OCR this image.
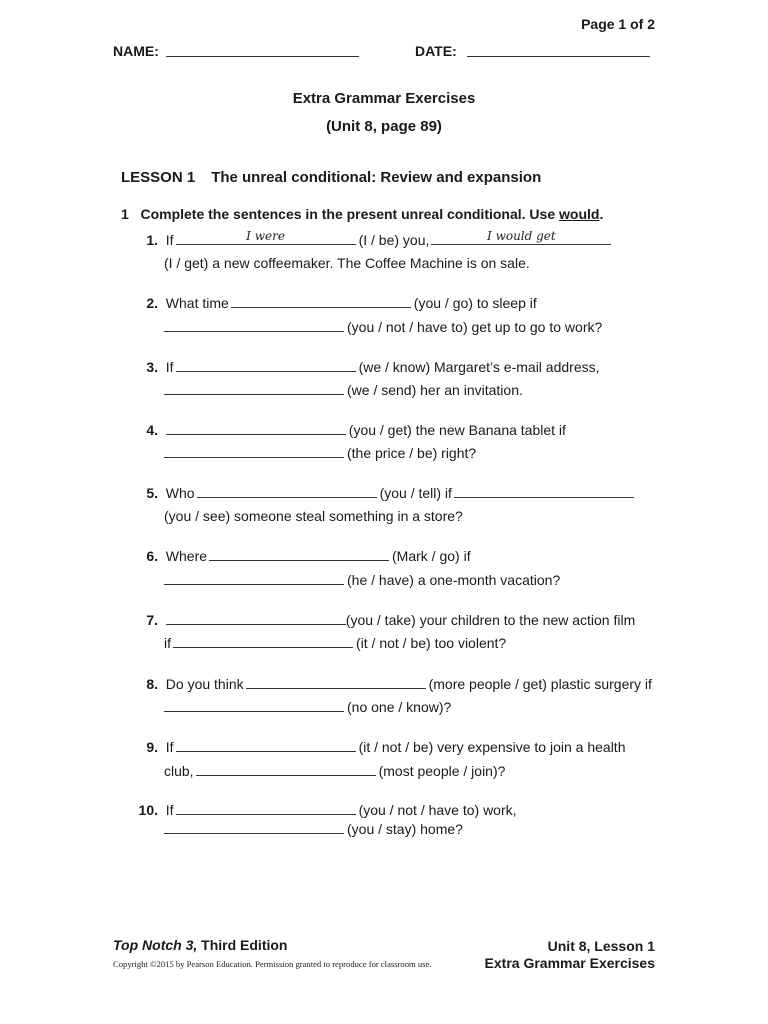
Page 1 of 2
NAME:	DATE:
Extra Grammar Exercises
(Unit 8, page 89)
LESSON 1 The unreal conditional: Review and expansion
1 Complete the sentences in the present unreal conditional. Use would.
1. If	I were	(I / be) you,	I would get
(I / get) a new coffeemaker. The Coffee Machine is on sale.
2. What time	(you / go) to sleep if
(you / not / have to) get up to go to work?
3. If	(we / know) Margaret’s e-mail address,
(we / send) her an invitation.
4.	(you / get) the new Banana tablet if
(the price / be) right?
5. Who	(you / tell) if
(you / see) someone steal something in a store?
6. Where	(Mark / go) if
(he / have) a one-month vacation?
7.	(you / take) your children to the new action film
if	(it / not / be) too violent?
8. Do you think	(more people / get) plastic surgery if
(no one / know)?
9. If	(it / not / be) very expensive to join a health
club,	(most people / join)?
10. If	(you / not / have to) work,
(you / stay) home?
Top Notch 3, Third Edition
Copyright ©2015 by Pearson Education. Permission granted to reproduce for classroom use.
Unit 8, Lesson 1
Extra Grammar Exercises
